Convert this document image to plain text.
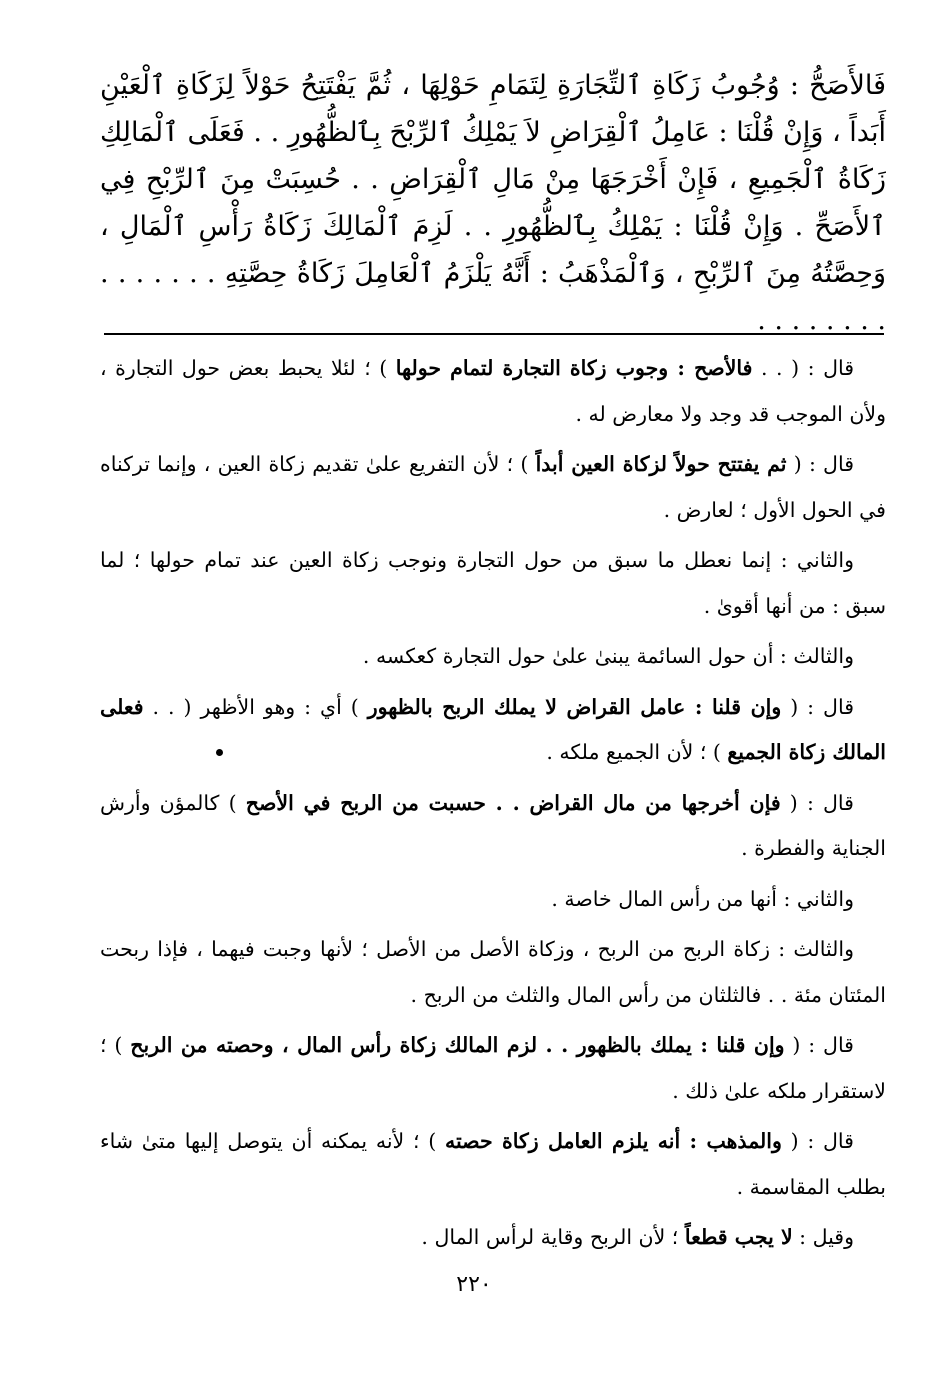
فَالأَصَحُّ : وُجُوبُ زَكَاةِ ٱلتِّجَارَةِ لِتَمَامِ حَوْلِهَا ، ثُمَّ يَفْتَتِحُ حَوْلاً لِزَكَاةِ ٱلْعَيْنِ أَبَداً ، وَإِنْ قُلْنَا : عَامِلُ ٱلْقِرَاضِ لاَ يَمْلِكُ ٱلرِّبْحَ بِٱلظُّهُورِ . . فَعَلَى ٱلْمَالِكِ زَكَاةُ ٱلْجَمِيعِ ، فَإِنْ أَخْرَجَهَا مِنْ مَالِ ٱلْقِرَاضِ . . حُسِبَتْ مِنَ ٱلرِّبْحِ فِي ٱلأَصَحِّ . وَإِنْ قُلْنَا : يَمْلِكُ بِٱلظُّهُورِ . . لَزِمَ ٱلْمَالِكَ زَكَاةُ رَأْسِ ٱلْمَالِ ، وَحِصَّتُهُ مِنَ ٱلرِّبْحِ ، وَٱلْمَذْهَبُ : أَنَّهُ يَلْزَمُ ٱلْعَامِلَ زَكَاةُ حِصَّتِهِ . . . . . . . . . . . . . . .

قال : ( . . فالأصح : وجوب زكاة التجارة لتمام حولها ) ؛ لئلا يحبط بعض حول التجارة ، ولأن الموجب قد وجد ولا معارض له .

قال : ( ثم يفتتح حولاً لزكاة العين أبداً ) ؛ لأن التفريع علىٰ تقديم زكاة العين ، وإنما تركناه في الحول الأول ؛ لعارض .

والثاني : إنما نعطل ما سبق من حول التجارة ونوجب زكاة العين عند تمام حولها ؛ لما سبق : من أنها أقوىٰ .

والثالث : أن حول السائمة يبنىٰ علىٰ حول التجارة كعكسه .

قال : ( وإن قلنا : عامل القراض لا يملك الربح بالظهور ) أي : وهو الأظهر ( . . فعلى المالك زكاة الجميع ) ؛ لأن الجميع ملكه .

قال : ( فإن أخرجها من مال القراض . . حسبت من الربح في الأصح ) كالمؤن وأرش الجناية والفطرة .

والثاني : أنها من رأس المال خاصة .

والثالث : زكاة الربح من الربح ، وزكاة الأصل من الأصل ؛ لأنها وجبت فيهما ، فإذا ربحت المئتان مئة . . فالثلثان من رأس المال والثلث من الربح .

قال : ( وإن قلنا : يملك بالظهور . . لزم المالك زكاة رأس المال ، وحصته من الربح ) ؛ لاستقرار ملكه علىٰ ذلك .

قال : ( والمذهب : أنه يلزم العامل زكاة حصته ) ؛ لأنه يمكنه أن يتوصل إليها متىٰ شاء بطلب المقاسمة .

وقيل : لا يجب قطعاً ؛ لأن الربح وقاية لرأس المال .

٢٢٠
